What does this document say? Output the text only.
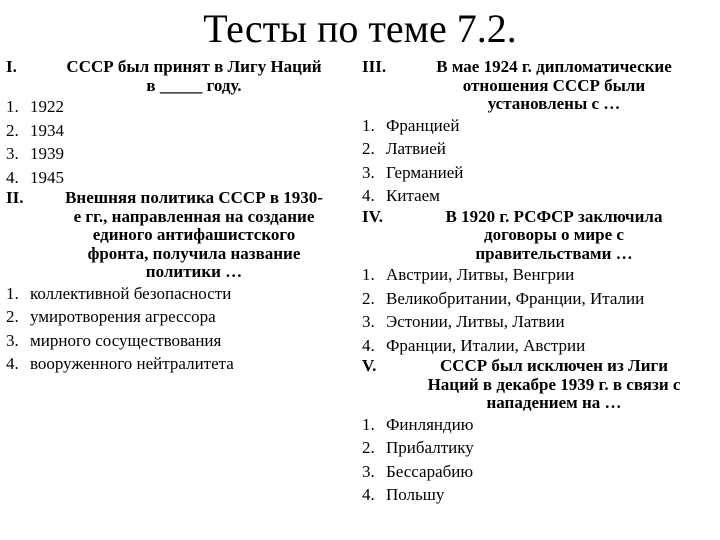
Тесты по теме 7.2.
I.	СССР был принят в Лигу Наций
в _____ году.
1. 1922
2. 1934
3. 1939
4. 1945
II.	Внешняя политика СССР в 1930-
е гг., направленная на создание
единого антифашистского
фронта, получила название
политики …
1. коллективной безопасности
2. умиротворения агрессора
3. мирного сосуществования
4. вооруженного нейтралитета
III.	В мае 1924 г. дипломатические
отношения СССР были
установлены с …
1. Францией
2. Латвией
3. Германией
4. Китаем
IV.	В 1920 г. РСФСР заключила
договоры о мире с
правительствами …
1. Австрии, Литвы, Венгрии
2. Великобритании, Франции, Италии
3. Эстонии, Литвы, Латвии
4. Франции, Италии, Австрии
V.	СССР был исключен из Лиги
Наций в декабре 1939 г. в связи с
нападением на …
1. Финляндию
2. Прибалтику
3. Бессарабию
4. Польшу
